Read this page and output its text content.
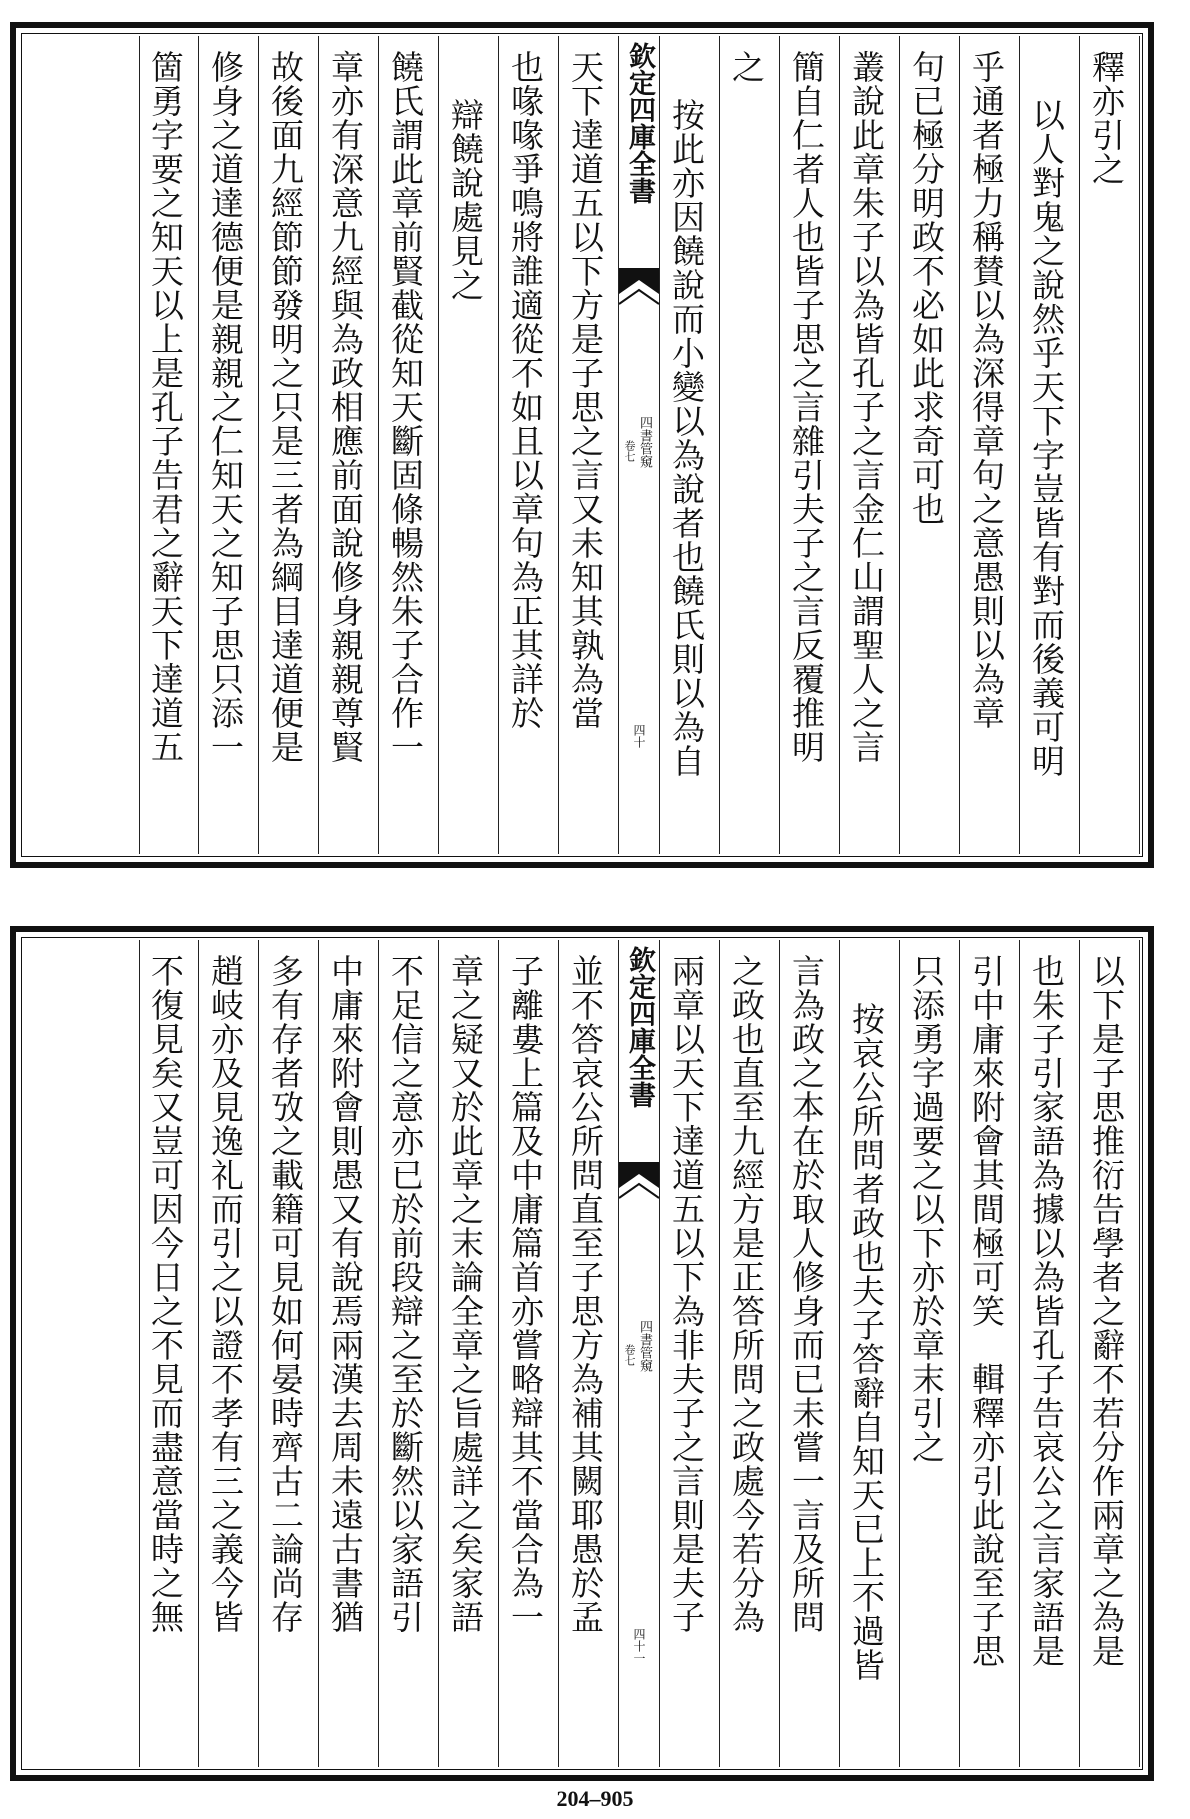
釋亦引之
以人對鬼之說然乎天下字豈皆有對而後義可明
乎通者極力稱賛以為深得章句之意愚則以為章
句已極分明政不必如此求奇可也
叢說此章朱子以為皆孔子之言金仁山謂聖人之言
簡自仁者人也皆子思之言雜引夫子之言反覆推明
之
按此亦因饒說而小變以為說者也饒氏則以為自
欽定四庫全書
四書管窺
卷七
四十
天下達道五以下方是子思之言又未知其孰為當
也喙喙爭鳴將誰適從不如且以章句為正其詳於
辯饒說處見之
饒氏謂此章前賢截從知天斷固條暢然朱子合作一
章亦有深意九經與為政相應前面說修身親親尊賢
故後面九經節節發明之只是三者為綱目達道便是
修身之道達德便是親親之仁知天之知子思只添一
箇勇字要之知天以上是孔子告君之辭天下達道五
以下是子思推衍告學者之辭不若分作兩章之為是
也朱子引家語為據以為皆孔子告哀公之言家語是
引中庸來附會其間極可笑　輯釋亦引此說至子思
只添勇字過要之以下亦於章末引之
按哀公所問者政也夫子答辭自知天已上不過皆
言為政之本在於取人修身而已未嘗一言及所問
之政也直至九經方是正答所問之政處今若分為
兩章以天下達道五以下為非夫子之言則是夫子
欽定四庫全書
四書管窺
卷七
四十一
並不答哀公所問直至子思方為補其闕耶愚於孟
子離婁上篇及中庸篇首亦嘗略辯其不當合為一
章之疑又於此章之末論全章之旨處詳之矣家語
不足信之意亦已於前段辯之至於斷然以家語引
中庸來附會則愚又有說焉兩漢去周未遠古書猶
多有存者攷之載籍可見如何晏時齊古二論尚存
趙岐亦及見逸礼而引之以證不孝有三之義今皆
不復見矣又豈可因今日之不見而盡意當時之無
204–905
